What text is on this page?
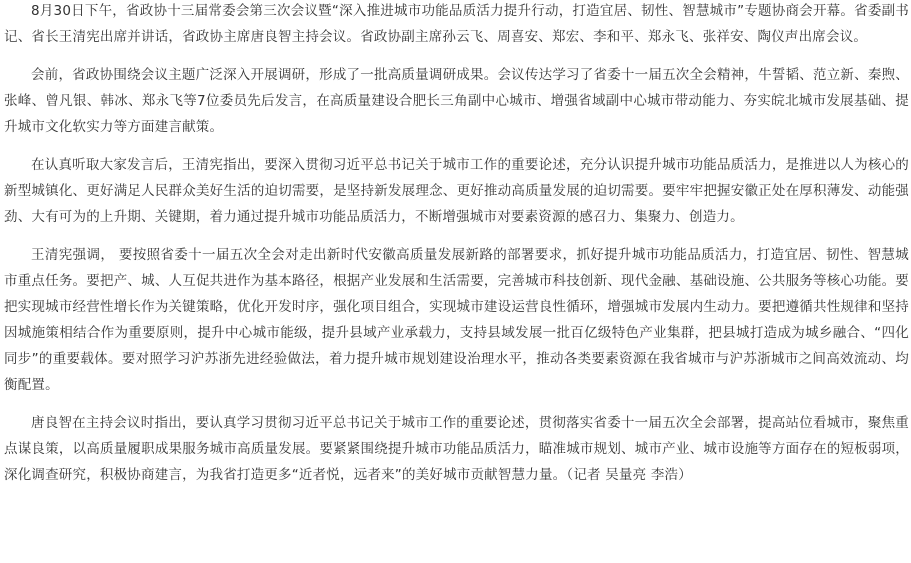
8月30日下午，省政协十三届常委会第三次会议暨“深入推进城市功能品质活力提升行动，打造宜居、韧性、智慧城市”专题协商会开幕。省委副书记、省长王清宪出席并讲话，省政协主席唐良智主持会议。省政协副主席孙云飞、周喜安、郑宏、李和平、郑永飞、张祥安、陶仪声出席会议。

会前，省政协围绕会议主题广泛深入开展调研，形成了一批高质量调研成果。会议传达学习了省委十一届五次全会精神，牛誓韬、范立新、秦煦、张峰、曾凡银、韩冰、郑永飞等7位委员先后发言，在高质量建设合肥长三角副中心城市、增强省域副中心城市带动能力、夯实皖北城市发展基础、提升城市文化软实力等方面建言献策。

在认真听取大家发言后，王清宪指出，要深入贯彻习近平总书记关于城市工作的重要论述，充分认识提升城市功能品质活力，是推进以人为核心的新型城镇化、更好满足人民群众美好生活的迫切需要，是坚持新发展理念、更好推动高质量发展的迫切需要。要牢牢把握安徽正处在厚积薄发、动能强劲、大有可为的上升期、关键期，着力通过提升城市功能品质活力，不断增强城市对要素资源的感召力、集聚力、创造力。

王清宪强调， 要按照省委十一届五次全会对走出新时代安徽高质量发展新路的部署要求，抓好提升城市功能品质活力，打造宜居、韧性、智慧城市重点任务。要把产、城、人互促共进作为基本路径，根据产业发展和生活需要，完善城市科技创新、现代金融、基础设施、公共服务等核心功能。要把实现城市经营性增长作为关键策略，优化开发时序，强化项目组合，实现城市建设运营良性循环，增强城市发展内生动力。要把遵循共性规律和坚持因城施策相结合作为重要原则，提升中心城市能级，提升县域产业承载力，支持县域发展一批百亿级特色产业集群，把县城打造成为城乡融合、“四化同步”的重要载体。要对照学习沪苏浙先进经验做法，着力提升城市规划建设治理水平，推动各类要素资源在我省城市与沪苏浙城市之间高效流动、均衡配置。

唐良智在主持会议时指出，要认真学习贯彻习近平总书记关于城市工作的重要论述，贯彻落实省委十一届五次全会部署，提高站位看城市，聚焦重点谋良策，以高质量履职成果服务城市高质量发展。要紧紧围绕提升城市功能品质活力，瞄准城市规划、城市产业、城市设施等方面存在的短板弱项，深化调查研究，积极协商建言，为我省打造更多“近者悦，远者来”的美好城市贡献智慧力量。（记者 吴量亮 李浩）
